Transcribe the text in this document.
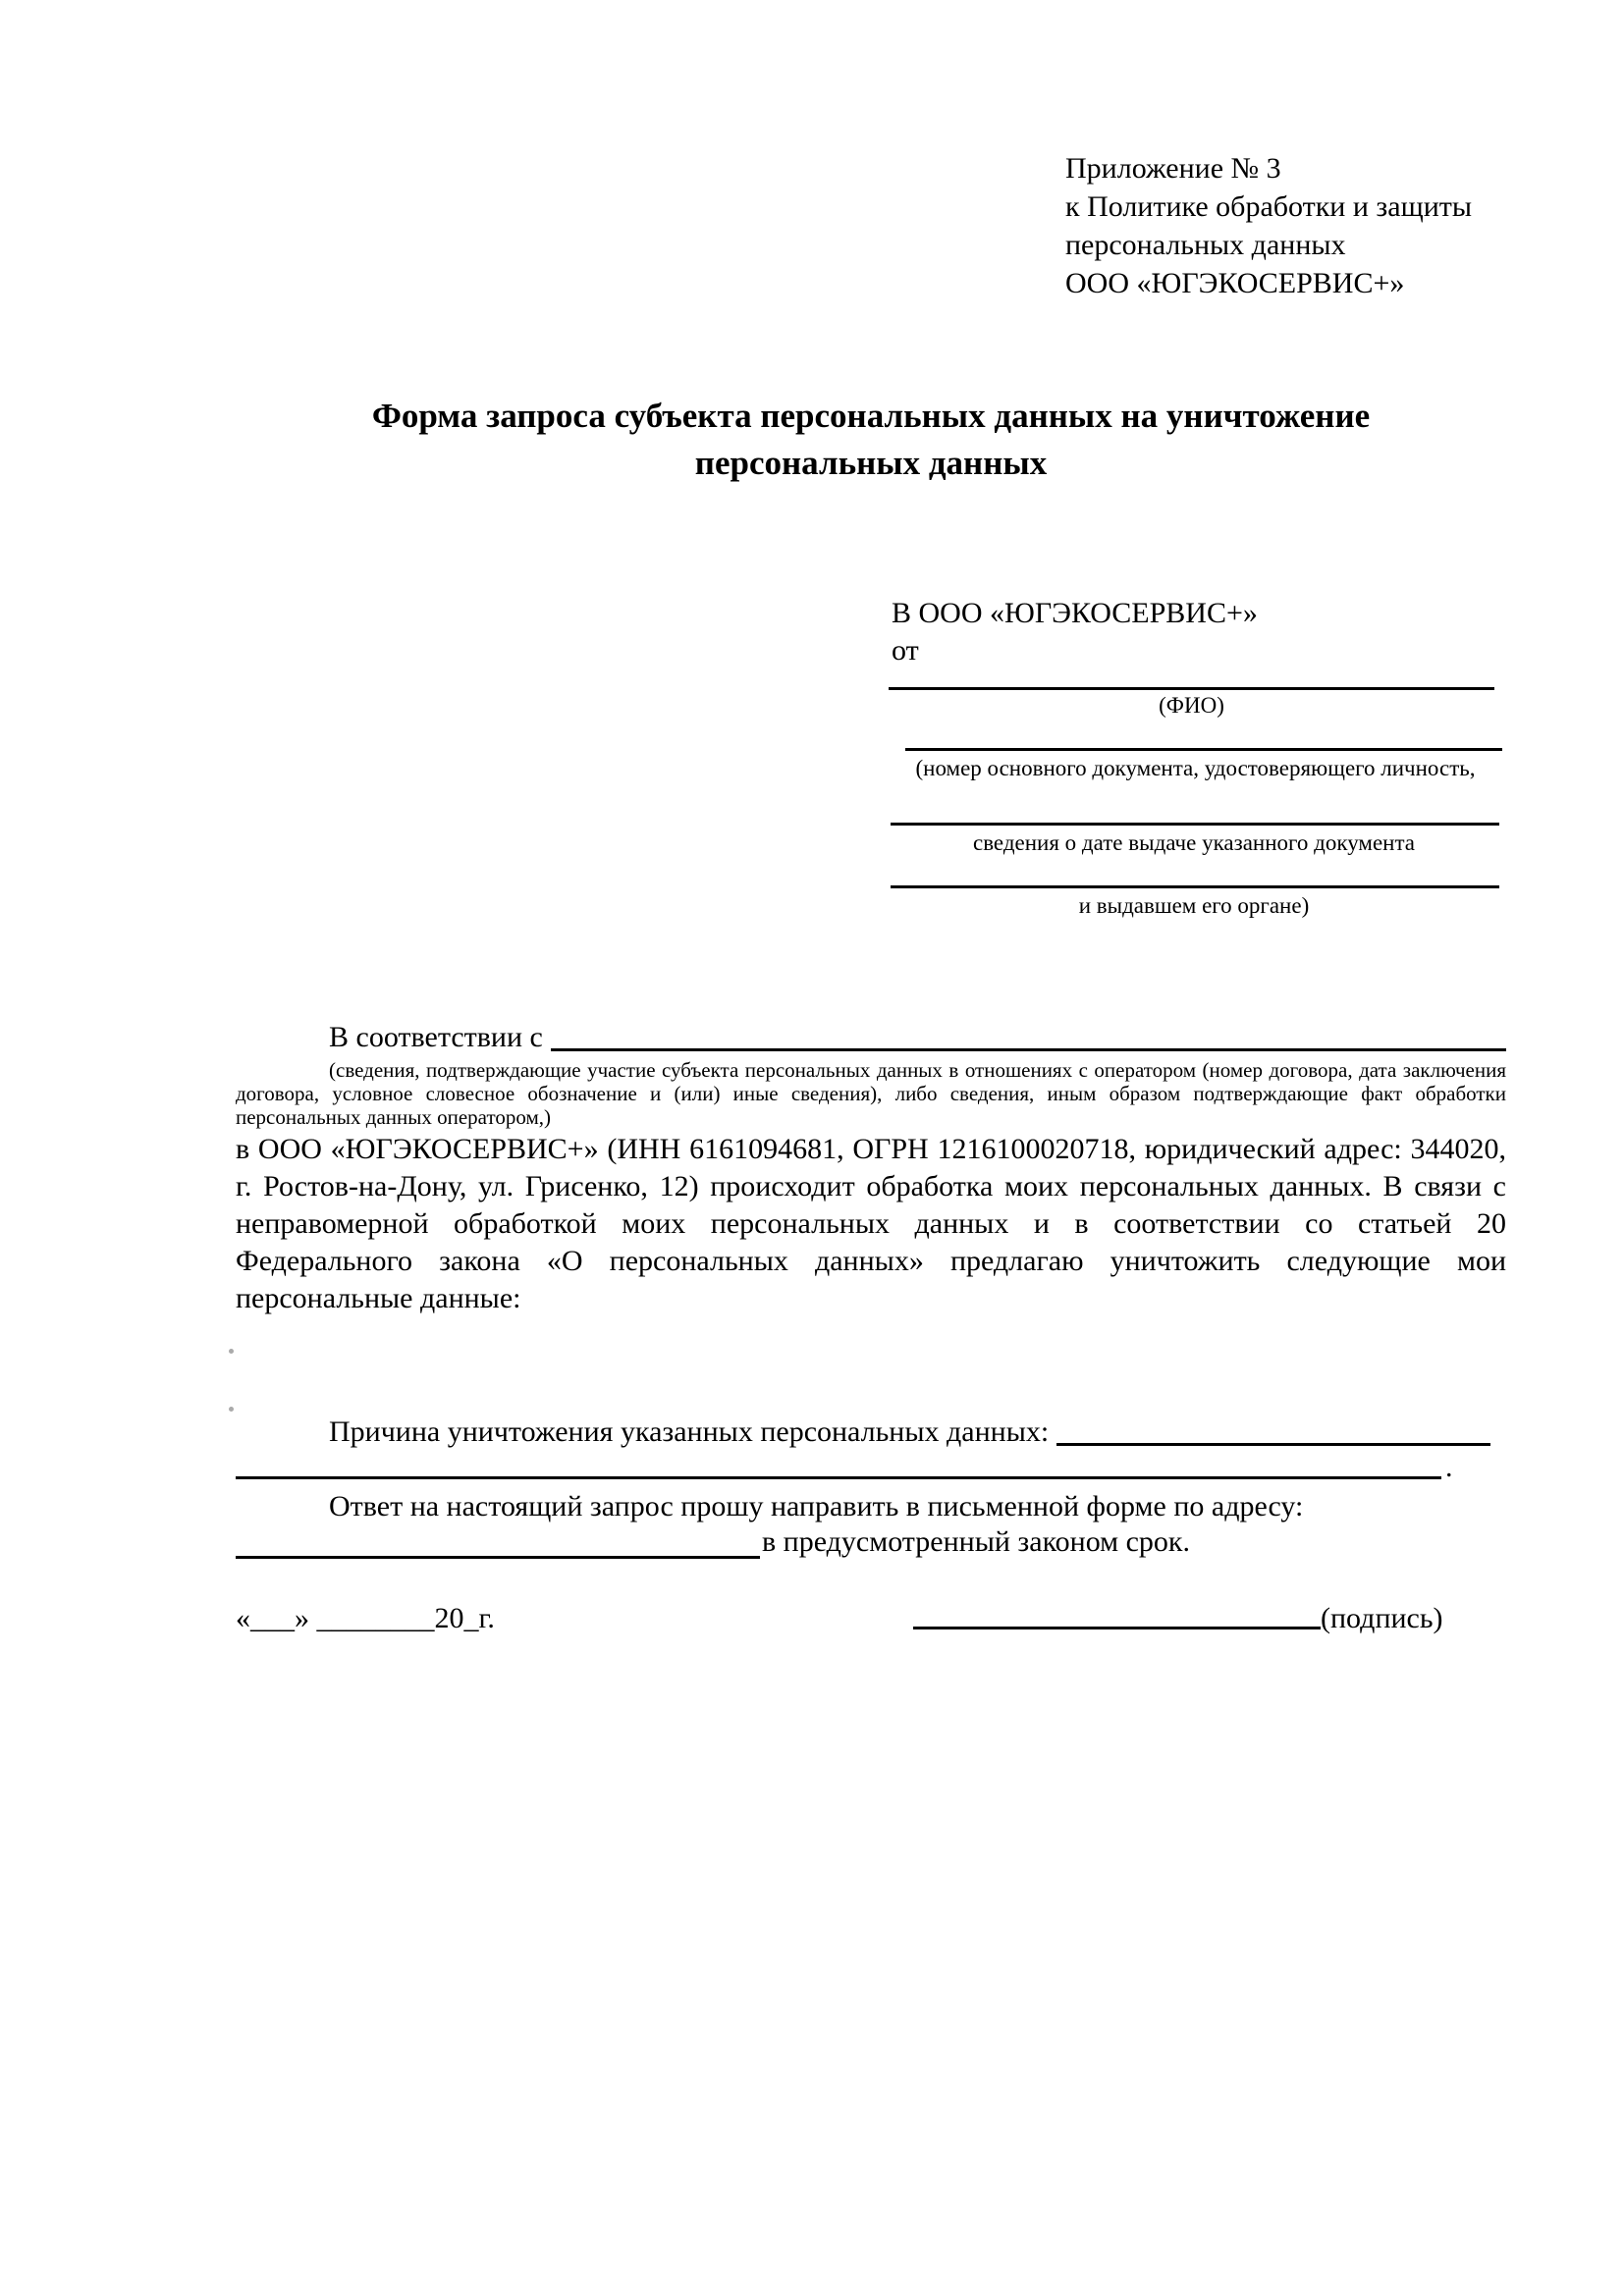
Приложение № 3
к Политике обработки и защиты
персональных данных
ООО «ЮГЭКОСЕРВИС+»
Форма запроса субъекта персональных данных на уничтожение
персональных данных
В ООО «ЮГЭКОСЕРВИС+»
от
(ФИО)
(номер основного документа, удостоверяющего личность,
сведения о дате выдаче указанного документа
и выдавшем его органе)
В соответствии с
(сведения, подтверждающие участие субъекта персональных данных в отношениях с оператором (номер договора, дата заключения договора, условное словесное обозначение и (или) иные сведения), либо сведения, иным образом подтверждающие факт обработки персональных данных оператором,)
в ООО «ЮГЭКОСЕРВИС+» (ИНН 6161094681, ОГРН 1216100020718, юридический адрес: 344020, г. Ростов-на-Дону, ул. Грисенко, 12) происходит обработка моих персональных данных. В связи с неправомерной обработкой моих персональных данных и в соответствии со статьей 20 Федерального закона «О персональных данных» предлагаю уничтожить следующие мои персональные данные:
Причина уничтожения указанных персональных данных:
.
Ответ на настоящий запрос прошу направить в письменной форме по адресу:
в предусмотренный законом срок.
«___» ________20_г.	(подпись)
